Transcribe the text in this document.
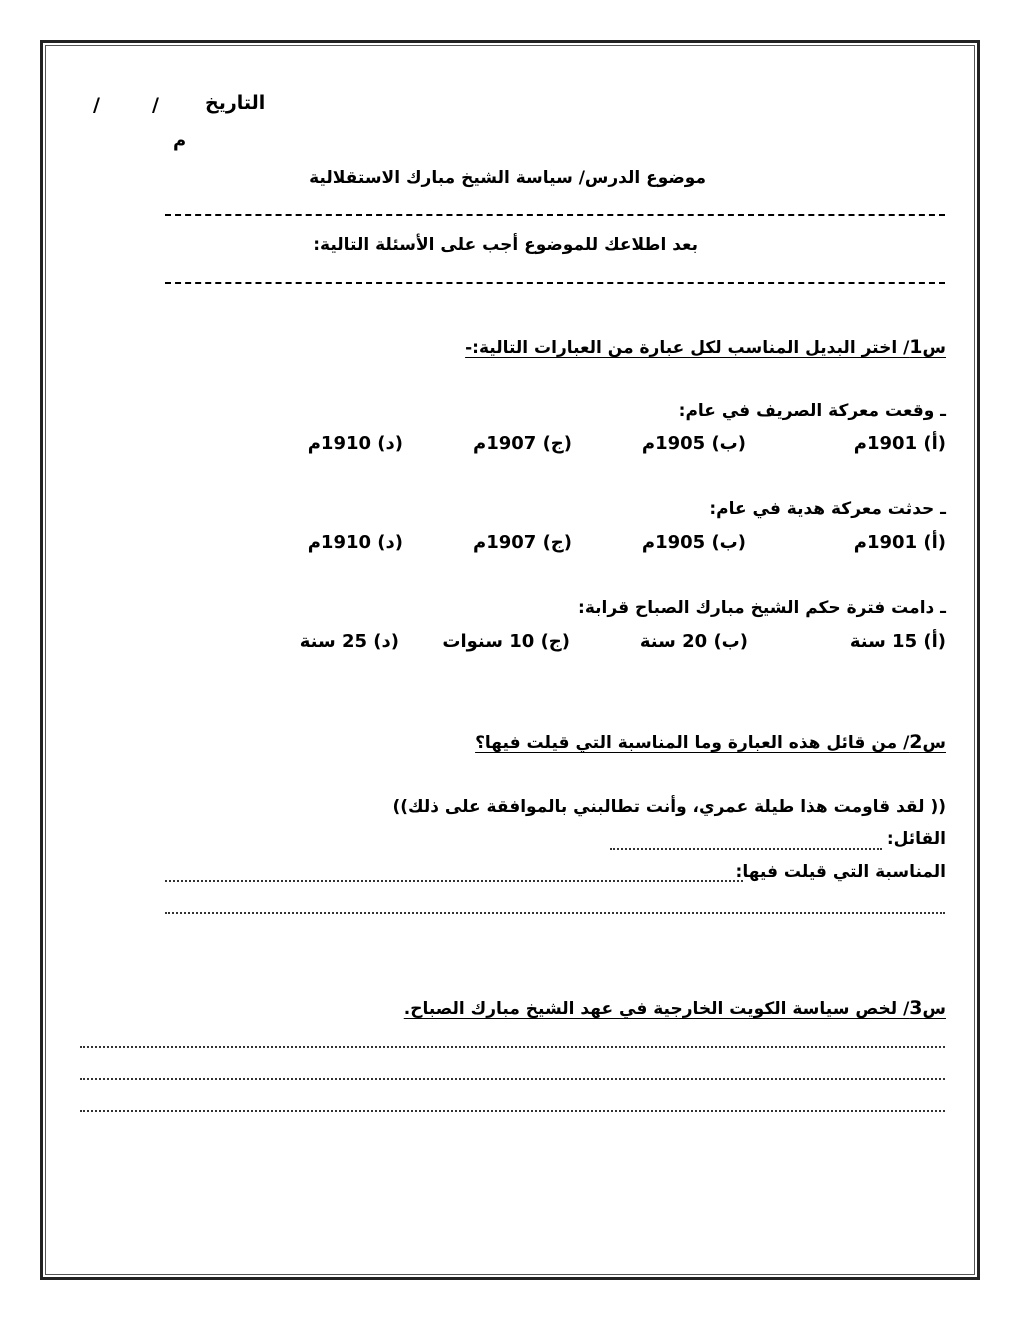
التاريخ
/
/
م
موضوع الدرس/ سياسة الشيخ مبارك الاستقلالية
بعد اطلاعك للموضوع أجب على الأسئلة التالية:
س1/ اختر البديل المناسب لكل عبارة من العبارات التالية:-
ـ وقعت معركة الصريف في عام:
(أ) 1901م
(ب) 1905م
(ج) 1907م
(د) 1910م
ـ حدثت معركة هدية في عام:
(أ) 1901م
(ب) 1905م
(ج) 1907م
(د) 1910م
ـ دامت فترة حكم الشيخ مبارك الصباح قرابة:
(أ) 15 سنة
(ب) 20 سنة
(ج) 10 سنوات
(د) 25 سنة
س2/ من قائل هذه العبارة وما المناسبة التي قيلت فيها؟
(( لقد قاومت هذا طيلة عمري، وأنت تطالبني بالموافقة على ذلك))
القائل:
المناسبة التي قيلت فيها:
س3/ لخص سياسة الكويت الخارجية في عهد الشيخ مبارك الصباح.
